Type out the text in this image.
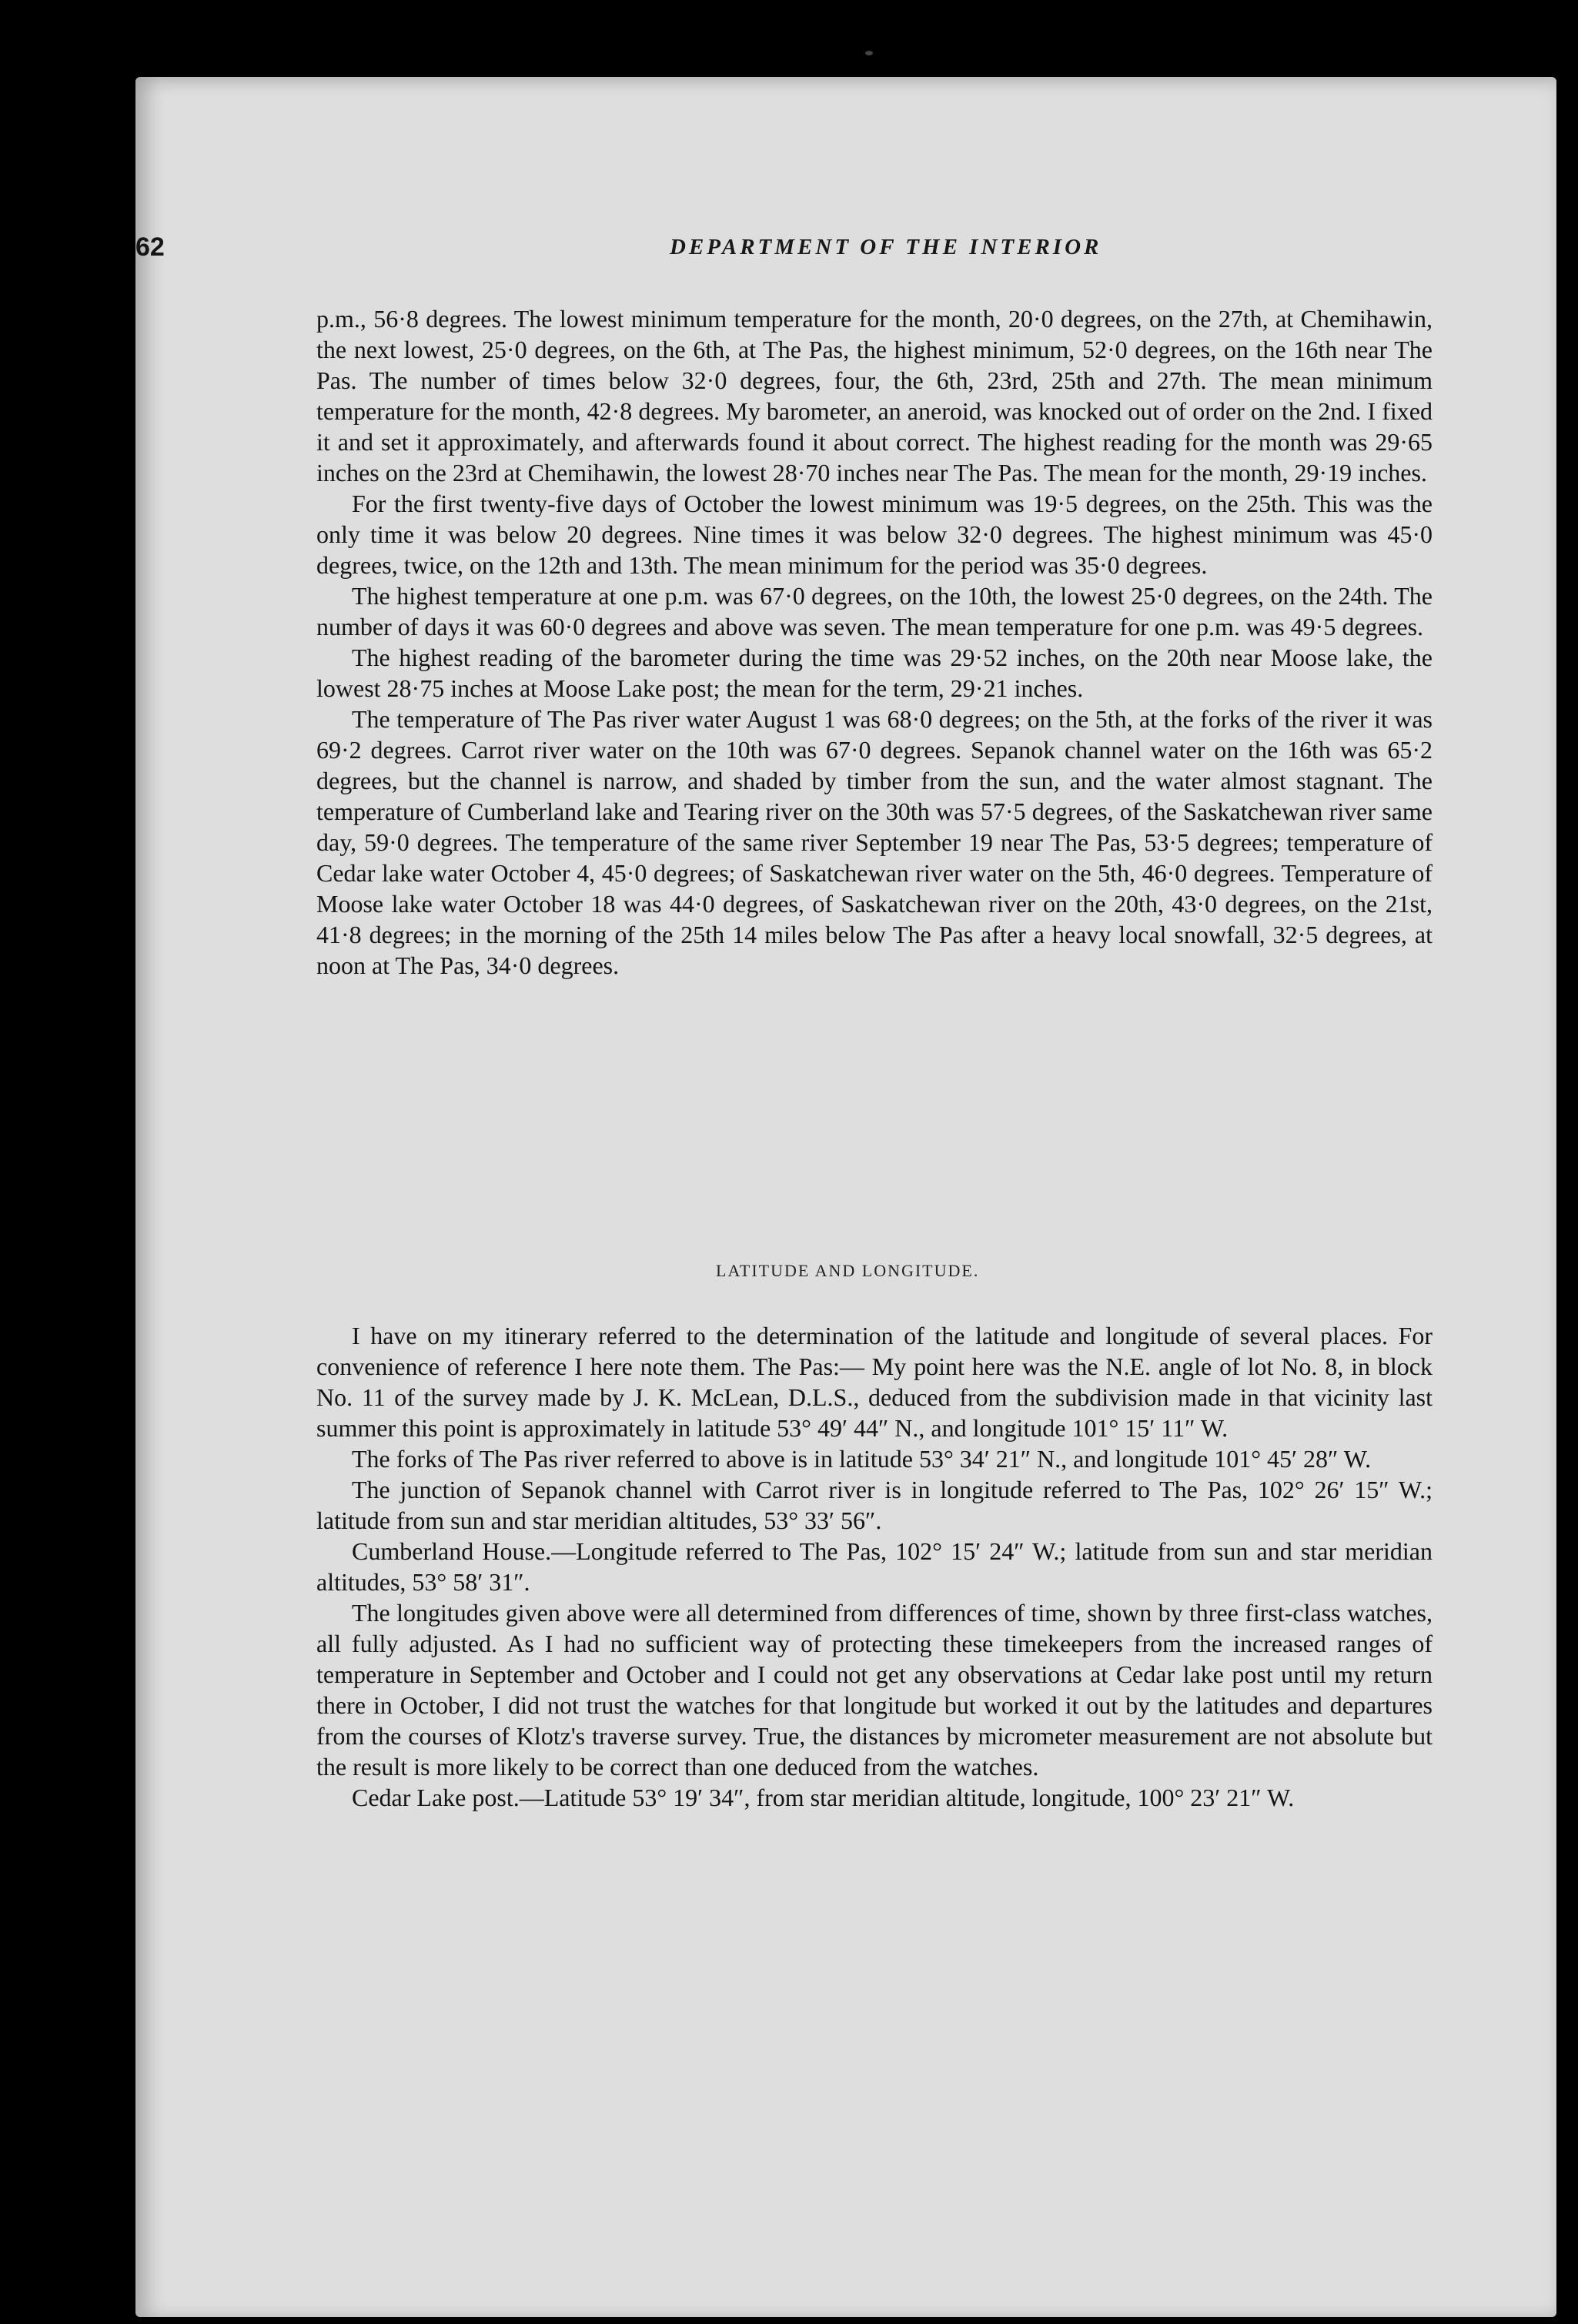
62	DEPARTMENT OF THE INTERIOR

p.m., 56·8 degrees. The lowest minimum temperature for the month, 20·0 degrees, on the 27th, at Chemihawin, the next lowest, 25·0 degrees, on the 6th, at The Pas, the highest minimum, 52·0 degrees, on the 16th near The Pas. The number of times below 32·0 degrees, four, the 6th, 23rd, 25th and 27th. The mean minimum temperature for the month, 42·8 degrees. My barometer, an aneroid, was knocked out of order on the 2nd. I fixed it and set it approximately, and afterwards found it about correct. The highest reading for the month was 29·65 inches on the 23rd at Chemihawin, the lowest 28·70 inches near The Pas. The mean for the month, 29·19 inches.

For the first twenty-five days of October the lowest minimum was 19·5 degrees, on the 25th. This was the only time it was below 20 degrees. Nine times it was below 32·0 degrees. The highest minimum was 45·0 degrees, twice, on the 12th and 13th. The mean minimum for the period was 35·0 degrees.

The highest temperature at one p.m. was 67·0 degrees, on the 10th, the lowest 25·0 degrees, on the 24th. The number of days it was 60·0 degrees and above was seven. The mean temperature for one p.m. was 49·5 degrees.

The highest reading of the barometer during the time was 29·52 inches, on the 20th near Moose lake, the lowest 28·75 inches at Moose Lake post; the mean for the term, 29·21 inches.

The temperature of The Pas river water August 1 was 68·0 degrees; on the 5th, at the forks of the river it was 69·2 degrees. Carrot river water on the 10th was 67·0 degrees. Sepanok channel water on the 16th was 65·2 degrees, but the channel is narrow, and shaded by timber from the sun, and the water almost stagnant. The temperature of Cumberland lake and Tearing river on the 30th was 57·5 degrees, of the Saskatchewan river same day, 59·0 degrees. The temperature of the same river September 19 near The Pas, 53·5 degrees; temperature of Cedar lake water October 4, 45·0 degrees; of Saskatchewan river water on the 5th, 46·0 degrees. Temperature of Moose lake water October 18 was 44·0 degrees, of Saskatchewan river on the 20th, 43·0 degrees, on the 21st, 41·8 degrees; in the morning of the 25th 14 miles below The Pas after a heavy local snowfall, 32·5 degrees, at noon at The Pas, 34·0 degrees.

LATITUDE AND LONGITUDE.

I have on my itinerary referred to the determination of the latitude and longitude of several places. For convenience of reference I here note them. The Pas:— My point here was the N.E. angle of lot No. 8, in block No. 11 of the survey made by J. K. McLean, D.L.S., deduced from the subdivision made in that vicinity last summer this point is approximately in latitude 53° 49′ 44″ N., and longitude 101° 15′ 11″ W.

The forks of The Pas river referred to above is in latitude 53° 34′ 21″ N., and longitude 101° 45′ 28″ W.

The junction of Sepanok channel with Carrot river is in longitude referred to The Pas, 102° 26′ 15″ W.; latitude from sun and star meridian altitudes, 53° 33′ 56″.

Cumberland House.—Longitude referred to The Pas, 102° 15′ 24″ W.; latitude from sun and star meridian altitudes, 53° 58′ 31″.

The longitudes given above were all determined from differences of time, shown by three first-class watches, all fully adjusted. As I had no sufficient way of protecting these timekeepers from the increased ranges of temperature in September and October and I could not get any observations at Cedar lake post until my return there in October, I did not trust the watches for that longitude but worked it out by the latitudes and departures from the courses of Klotz's traverse survey. True, the distances by micrometer measurement are not absolute but the result is more likely to be correct than one deduced from the watches.

Cedar Lake post.—Latitude 53° 19′ 34″, from star meridian altitude, longitude, 100° 23′ 21″ W.
